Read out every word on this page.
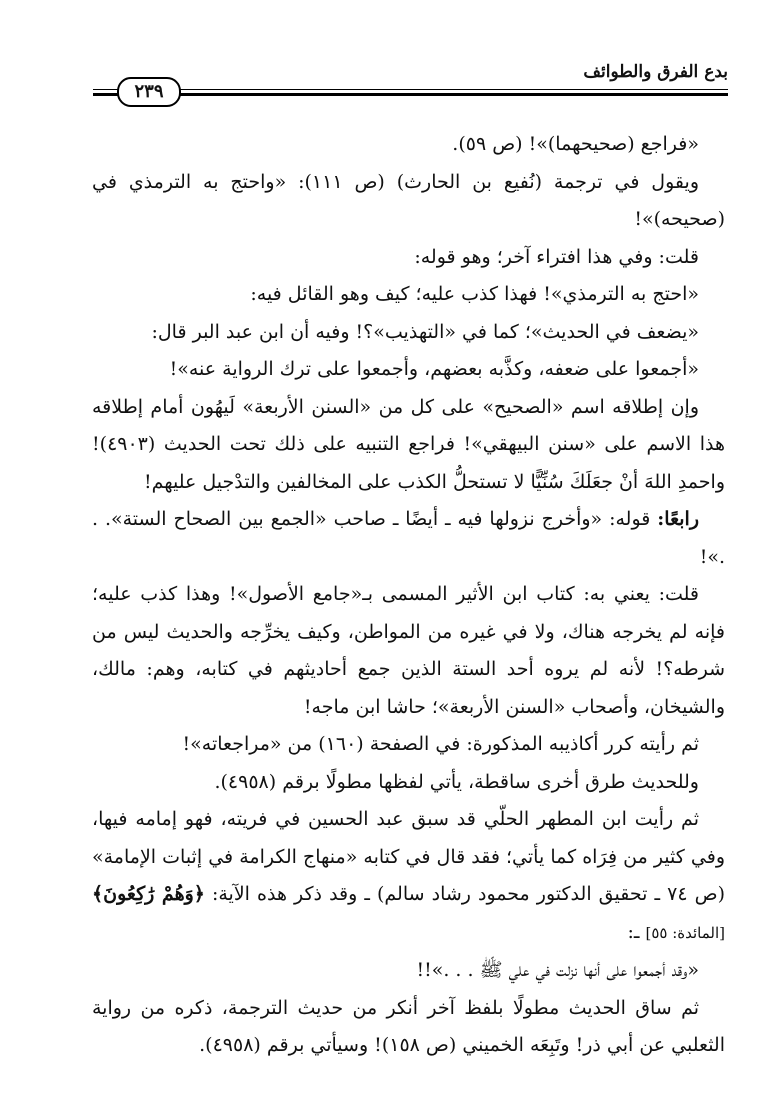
بدع الفرق والطوائف
٢٣٩

«فراجع (صحيحهما)»! (ص ٥٩).

ويقول في ترجمة (نُفيع بن الحارث) (ص ١١١): «واحتج به الترمذي في (صحيحه)»!

قلت: وفي هذا افتراء آخر؛ وهو قوله:

«احتج به الترمذي»! فهذا كذب عليه؛ كيف وهو القائل فيه:

«يضعف في الحديث»؛ كما في «التهذيب»؟! وفيه أن ابن عبد البر قال:

«أجمعوا على ضعفه، وكذَّبه بعضهم، وأجمعوا على ترك الرواية عنه»!

وإن إطلاقه اسم «الصحيح» على كل من «السنن الأربعة» لَيهُون أمام إطلاقه هذا الاسم على «سنن البيهقي»! فراجع التنبيه على ذلك تحت الحديث (٤٩٠٣)! واحمدِ اللهَ أنْ جعَلَكَ سُنِّيًّا لا تستحلُّ الكذب على المخالفين والتدْجيل عليهم!

رابعًا: قوله: «وأخرج نزولها فيه ـ أيضًا ـ صاحب «الجمع بين الصحاح الستة». . .»!

قلت: يعني به: كتاب ابن الأثير المسمى بـ«جامع الأصول»! وهذا كذب عليه؛ فإنه لم يخرجه هناك، ولا في غيره من المواطن، وكيف يخرِّجه والحديث ليس من شرطه؟! لأنه لم يروه أحد الستة الذين جمع أحاديثهم في كتابه، وهم: مالك، والشيخان، وأصحاب «السنن الأربعة»؛ حاشا ابن ماجه!

ثم رأيته كرر أكاذيبه المذكورة: في الصفحة (١٦٠) من «مراجعاته»!

وللحديث طرق أخرى ساقطة، يأتي لفظها مطولًا برقم (٤٩٥٨).

ثم رأيت ابن المطهر الحلّي قد سبق عبد الحسين في فريته، فهو إمامه فيها، وفي كثير من فِرَاه كما يأتي؛ فقد قال في كتابه «منهاج الكرامة في إثبات الإمامة» (ص ٧٤ ـ تحقيق الدكتور محمود رشاد سالم) ـ وقد ذكر هذه الآية: ﴿وَهُمْ رَٰكِعُونَ﴾ [المائدة: ٥٥] ـ:

«وقد أجمعوا على أنها نزلت في علي ﷺ . . .»!!

ثم ساق الحديث مطولًا بلفظ آخر أنكر من حديث الترجمة، ذكره من رواية الثعلبي عن أبي ذر! وتَبِعَه الخميني (ص ١٥٨)! وسيأتي برقم (٤٩٥٨).
